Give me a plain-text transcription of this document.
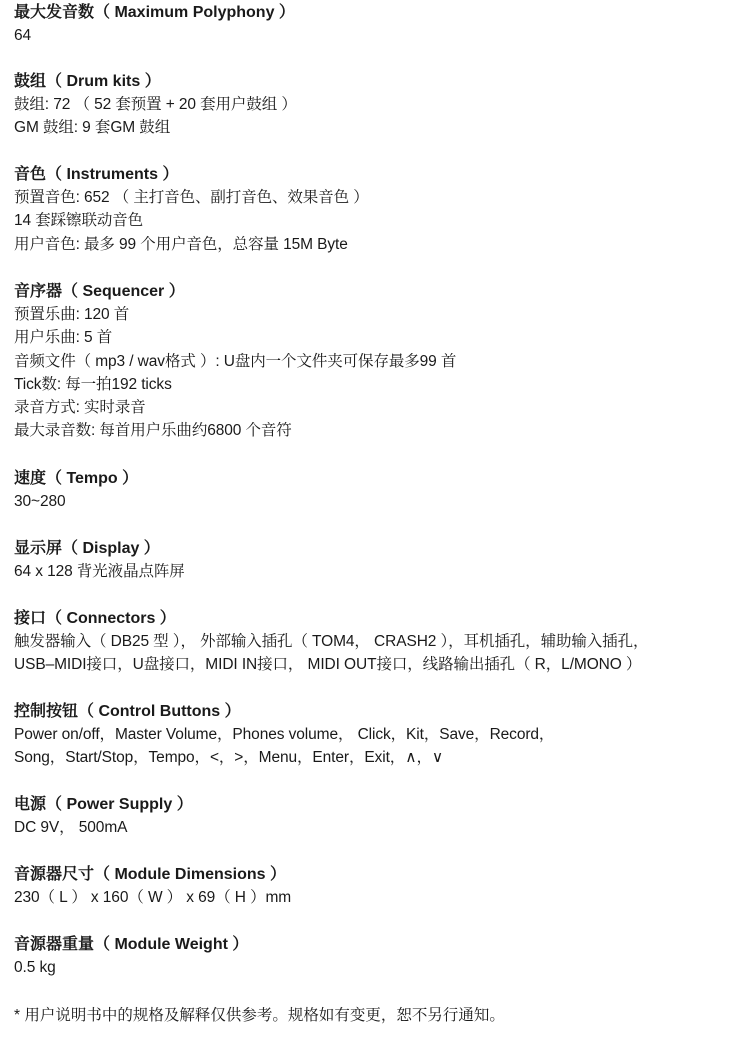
最大发音数（ Maximum Polyphony ）
64
鼓组（ Drum kits ）
鼓组: 72 （ 52 套预置 + 20 套用户鼓组 ）
GM 鼓组: 9 套GM 鼓组
音色（ Instruments ）
预置音色: 652 （ 主打音色、副打音色、效果音色 ）
14 套踩镲联动音色
用户音色: 最多 99 个用户音色，总容量 15M Byte
音序器（ Sequencer ）
预置乐曲: 120 首
用户乐曲: 5 首
音频文件（ mp3 / wav格式 ）: U盘内一个文件夹可保存最多99 首
Tick数: 每一拍192 ticks
录音方式: 实时录音
最大录音数: 每首用户乐曲约6800 个音符
速度（ Tempo ）
30~280
显示屏（ Display ）
64 x 128 背光液晶点阵屏
接口（ Connectors ）
触发器输入（ DB25 型 ）， 外部输入插孔（ TOM4， CRASH2 ），耳机插孔，辅助输入插孔，
USB–MIDI接口，U盘接口，MIDI IN接口， MIDI OUT接口，线路输出插孔（ R，L/MONO ）
控制按钮（ Control Buttons ）
Power on/off，Master Volume，Phones volume， Click，Kit，Save，Record，
Song，Start/Stop，Tempo，<，>，Menu，Enter，Exit，∧，∨
电源（ Power Supply ）
DC 9V， 500mA
音源器尺寸（ Module Dimensions ）
230（ L ） x 160（ W ） x 69（ H ）mm
音源器重量（ Module Weight ）
0.5 kg
* 用户说明书中的规格及解释仅供参考。规格如有变更，恕不另行通知。
